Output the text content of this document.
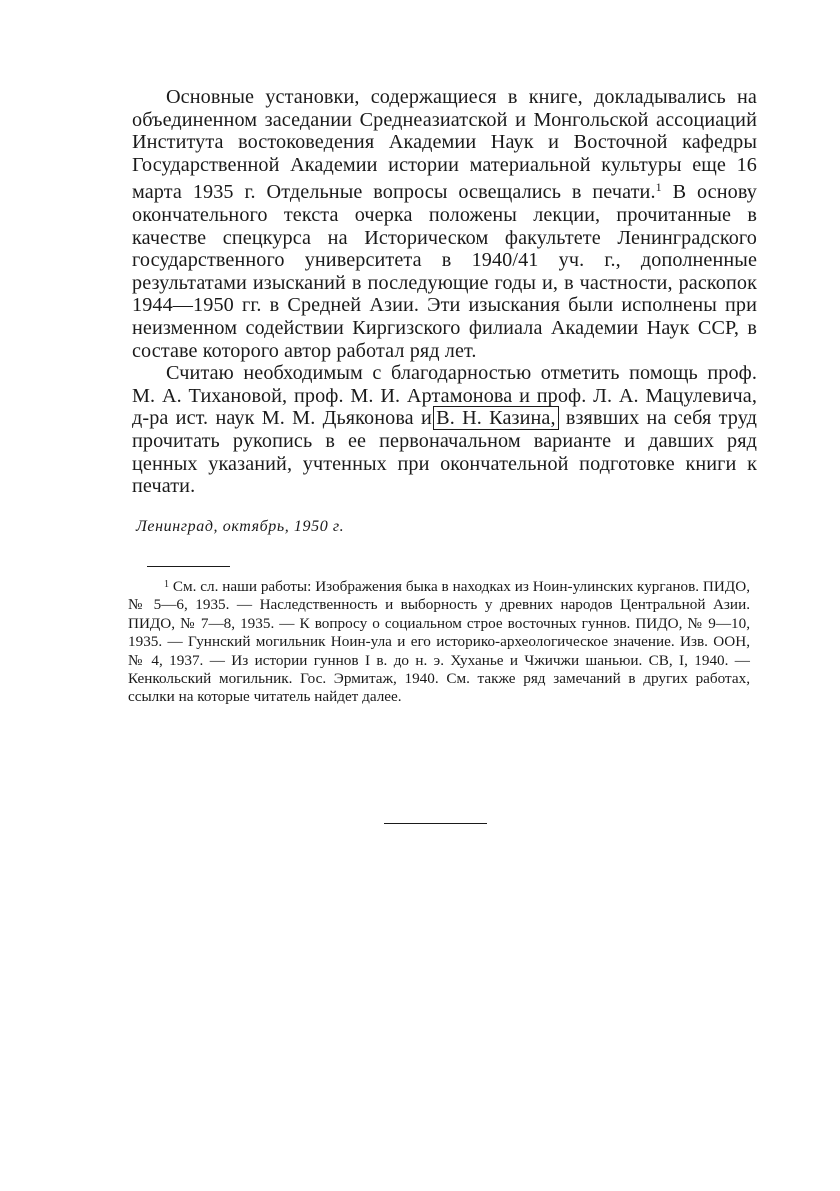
Основные установки, содержащиеся в книге, докладывались на объединенном заседании Среднеазиатской и Монгольской ассоциаций Института востоковедения Академии Наук и Восточной кафедры Государственной Академии истории материальной культуры еще 16 марта 1935 г. Отдельные вопросы освещались в печати.$^1$ В основу окончательного текста очерка положены лекции, прочитанные в качестве спецкурса на Историческом факультете Ленинградского государственного университета в 1940/41 уч. г., дополненные результатами изысканий в последующие годы и, в частности, раскопок 1944—1950 гг. в Средней Азии. Эти изыскания были исполнены при неизменном содействии Киргизского филиала Академии Наук ССР, в составе которого автор работал ряд лет.

Считаю необходимым с благодарностью отметить помощь проф. М. А. Тихановой, проф. М. И. Артамонова и проф. Л. А. Мацулевича, д-ра ист. наук М. М. Дьяконова и В. Н. Казина, взявших на себя труд прочитать рукопись в ее первоначальном варианте и давших ряд ценных указаний, учтенных при окончательной подготовке книги к печати.

Ленинград, октябрь, 1950 г.

$^1$ См. сл. наши работы: Изображения быка в находках из Ноин-улинских курганов. ПИДО, № 5—6, 1935. — Наследственность и выборность у древних народов Центральной Азии. ПИДО, № 7—8, 1935. — К вопросу о социальном строе восточных гуннов. ПИДО, № 9—10, 1935. — Гуннский могильник Ноин-ула и его историко-археологическое значение. Изв. ООН, № 4, 1937. — Из истории гуннов I в. до н. э. Хуханье и Чжичжи шаньюи. СВ, I, 1940. — Кенкольский могильник. Гос. Эрмитаж, 1940. См. также ряд замечаний в других работах, ссылки на которые читатель найдет далее.
